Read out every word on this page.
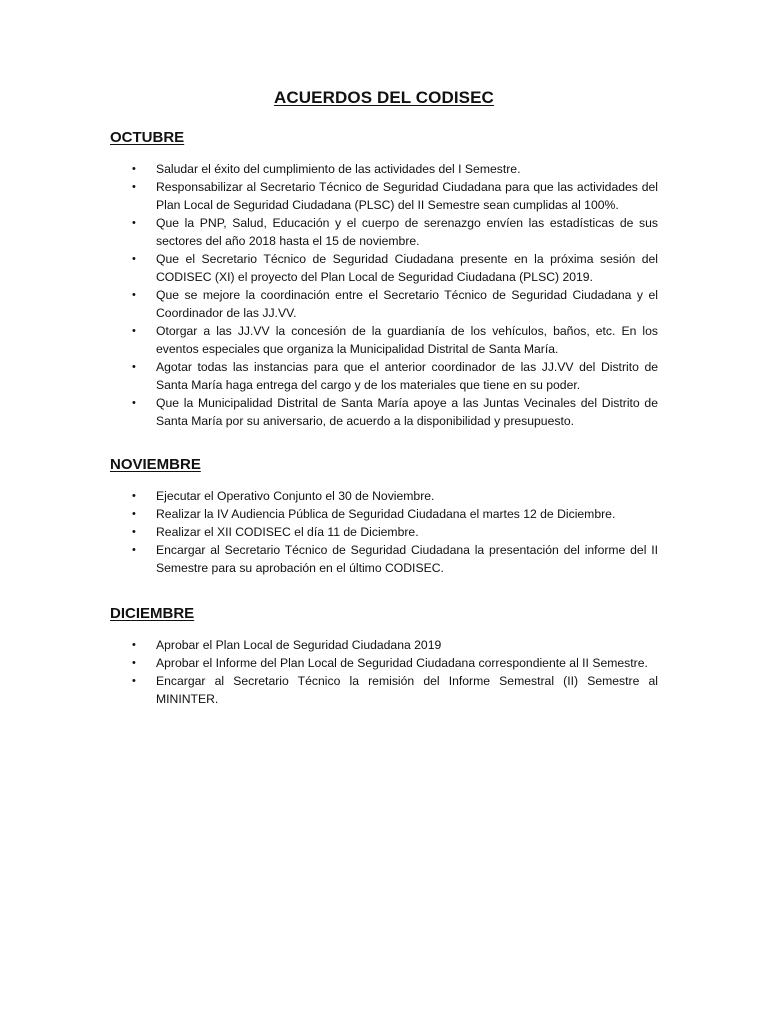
ACUERDOS DEL CODISEC
OCTUBRE
• Saludar el éxito del cumplimiento de las actividades del I Semestre.
• Responsabilizar al Secretario Técnico de Seguridad Ciudadana para que las actividades del Plan Local de Seguridad Ciudadana (PLSC) del II Semestre sean cumplidas al 100%.
• Que la PNP, Salud, Educación y el cuerpo de serenazgo envíen las estadísticas de sus sectores del año 2018 hasta el 15 de noviembre.
• Que el Secretario Técnico de Seguridad Ciudadana presente en la próxima sesión del CODISEC (XI) el proyecto del Plan Local de Seguridad Ciudadana (PLSC) 2019.
• Que se mejore la coordinación entre el Secretario Técnico de Seguridad Ciudadana y el Coordinador de las JJ.VV.
• Otorgar a las JJ.VV la concesión de la guardianía de los vehículos, baños, etc. En los eventos especiales que organiza la Municipalidad Distrital de Santa María.
• Agotar todas las instancias para que el anterior coordinador de las JJ.VV del Distrito de Santa María haga entrega del cargo y de los materiales que tiene en su poder.
• Que la Municipalidad Distrital de Santa María apoye a las Juntas Vecinales del Distrito de Santa María por su aniversario, de acuerdo a la disponibilidad y presupuesto.
NOVIEMBRE
• Ejecutar el Operativo Conjunto el 30 de Noviembre.
• Realizar la IV Audiencia Pública de Seguridad Ciudadana el martes 12 de Diciembre.
• Realizar el XII CODISEC el día 11 de Diciembre.
• Encargar al Secretario Técnico de Seguridad Ciudadana la presentación del informe del II Semestre para su aprobación en el último CODISEC.
DICIEMBRE
• Aprobar el Plan Local de Seguridad Ciudadana 2019
• Aprobar el Informe del Plan Local de Seguridad Ciudadana correspondiente al II Semestre.
• Encargar al Secretario Técnico la remisión del Informe Semestral (II) Semestre al MININTER.
